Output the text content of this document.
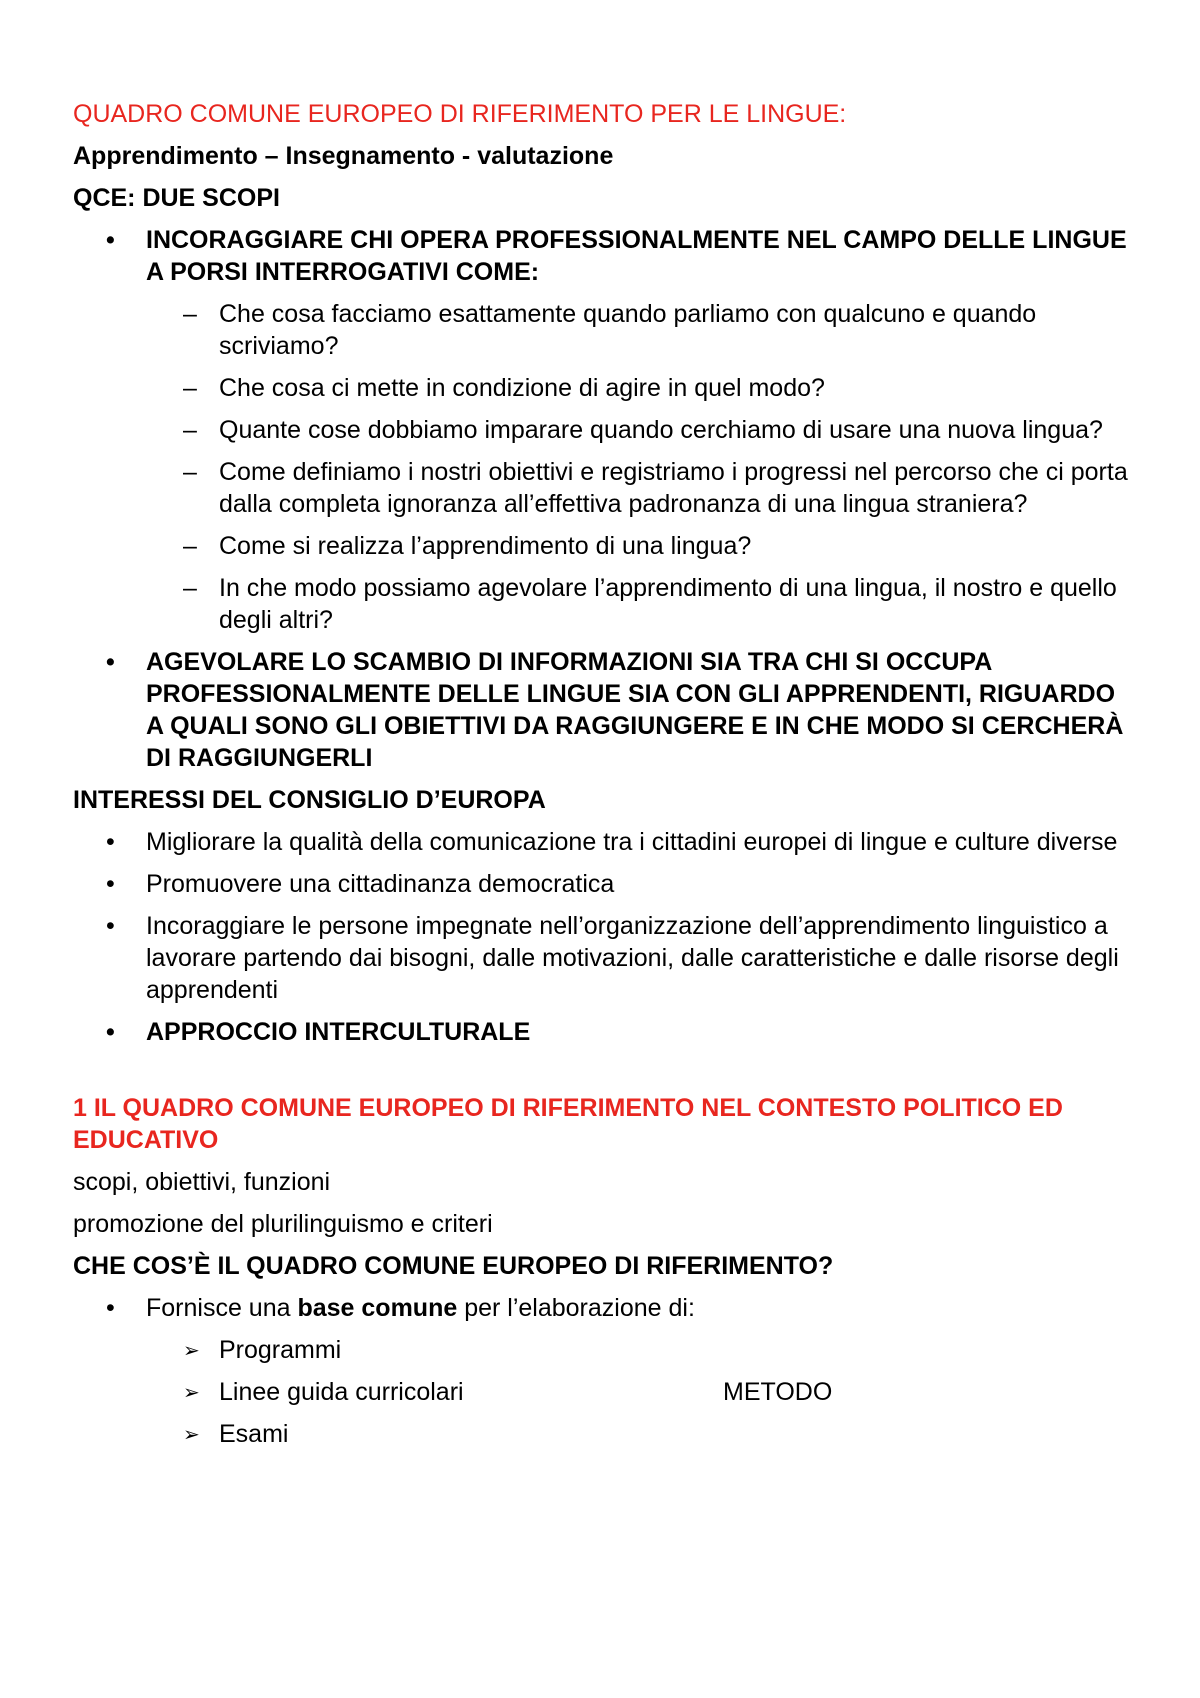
QUADRO COMUNE EUROPEO DI RIFERIMENTO PER LE LINGUE:

Apprendimento – Insegnamento - valutazione

QCE: DUE SCOPI

• INCORAGGIARE CHI OPERA PROFESSIONALMENTE NEL CAMPO DELLE LINGUE A PORSI INTERROGATIVI COME:
– Che cosa facciamo esattamente quando parliamo con qualcuno e quando scriviamo?
– Che cosa ci mette in condizione di agire in quel modo?
– Quante cose dobbiamo imparare quando cerchiamo di usare una nuova lingua?
– Come definiamo i nostri obiettivi e registriamo i progressi nel percorso che ci porta dalla completa ignoranza all’effettiva padronanza di una lingua straniera?
– Come si realizza l’apprendimento di una lingua?
– In che modo possiamo agevolare l’apprendimento di una lingua, il nostro e quello degli altri?
• AGEVOLARE LO SCAMBIO DI INFORMAZIONI SIA TRA CHI SI OCCUPA PROFESSIONALMENTE DELLE LINGUE SIA CON GLI APPRENDENTI, RIGUARDO A QUALI SONO GLI OBIETTIVI DA RAGGIUNGERE E IN CHE MODO SI CERCHERÀ DI RAGGIUNGERLI

INTERESSI DEL CONSIGLIO D’EUROPA

• Migliorare la qualità della comunicazione tra i cittadini europei di lingue e culture diverse
• Promuovere una cittadinanza democratica
• Incoraggiare le persone impegnate nell’organizzazione dell’apprendimento linguistico a lavorare partendo dai bisogni, dalle motivazioni, dalle caratteristiche e dalle risorse degli apprendenti
• APPROCCIO INTERCULTURALE

1 IL QUADRO COMUNE EUROPEO DI RIFERIMENTO NEL CONTESTO POLITICO ED EDUCATIVO

scopi, obiettivi, funzioni

promozione del plurilinguismo e criteri

CHE COS’È IL QUADRO COMUNE EUROPEO DI RIFERIMENTO?

• Fornisce una base comune per l’elaborazione di:
➢ Programmi
➢ Linee guida curricolari	METODO
➢ Esami
